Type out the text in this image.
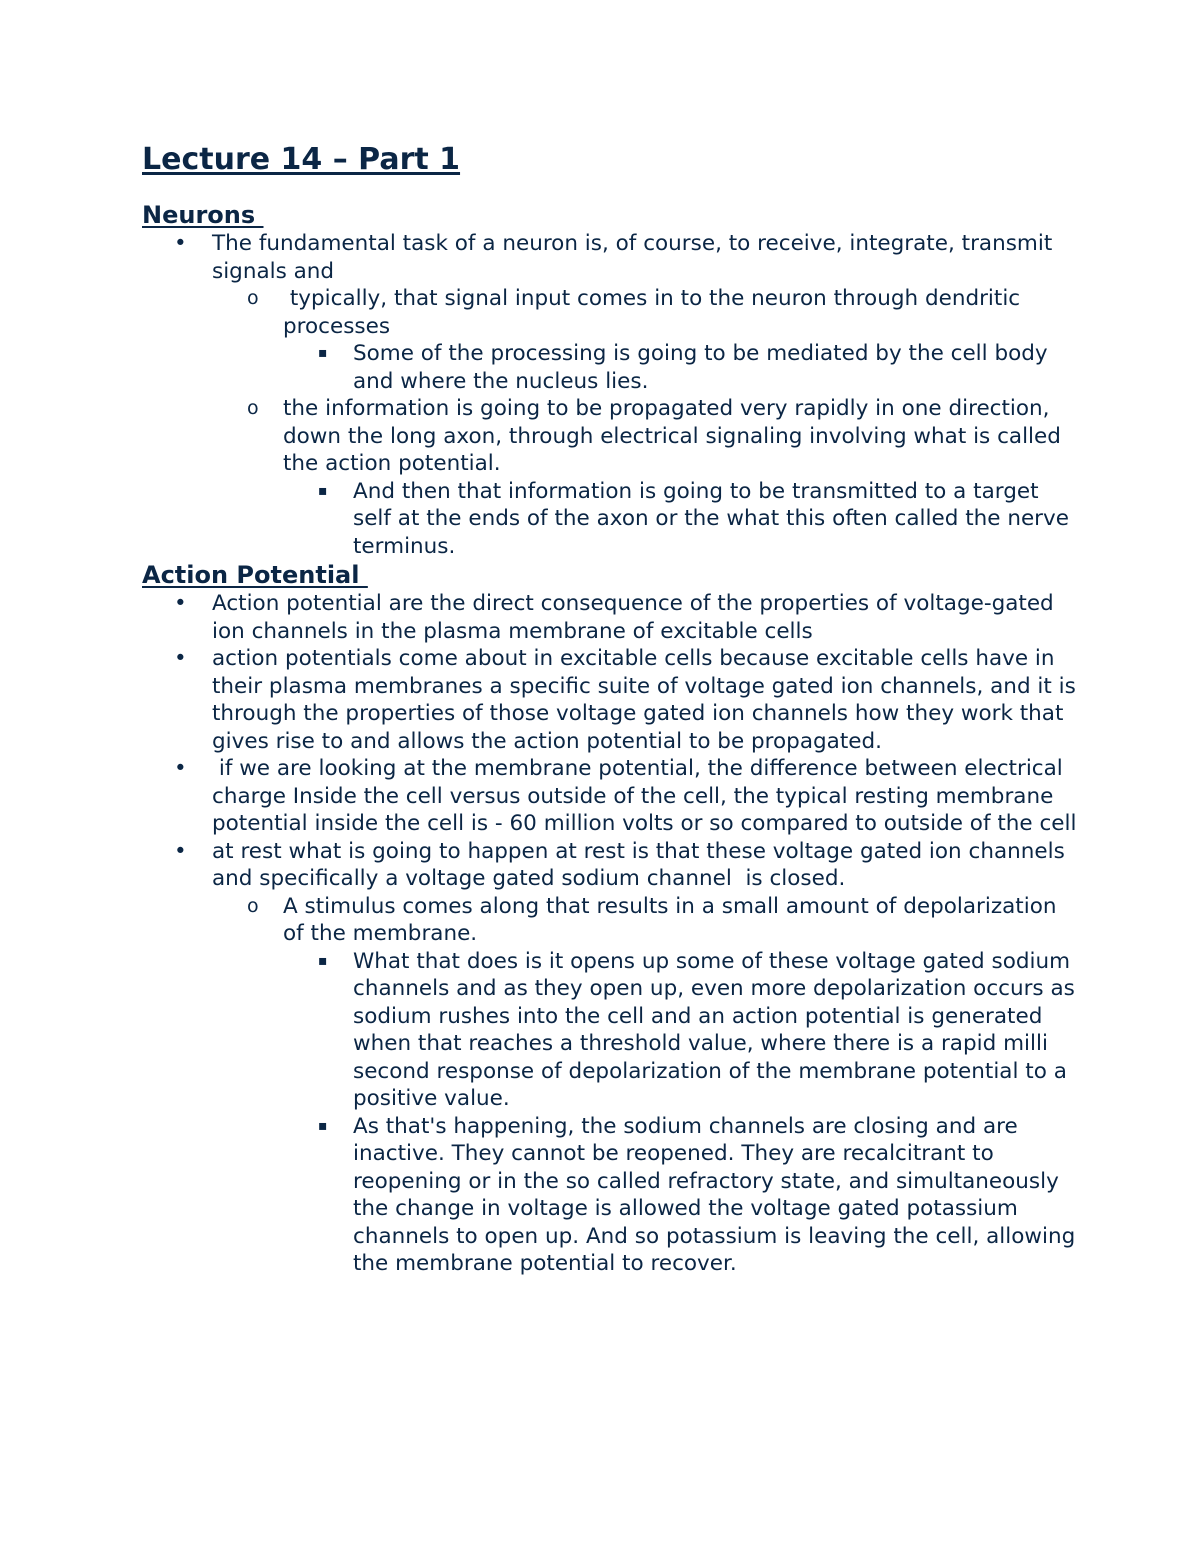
Lecture 14 – Part 1
Neurons
• The fundamental task of a neuron is, of course, to receive, integrate, transmit signals and
o typically, that signal input comes in to the neuron through dendritic processes
▪ Some of the processing is going to be mediated by the cell body and where the nucleus lies.
o the information is going to be propagated very rapidly in one direction, down the long axon, through electrical signaling involving what is called the action potential.
▪ And then that information is going to be transmitted to a target self at the ends of the axon or the what this often called the nerve terminus.
Action Potential
• Action potential are the direct consequence of the properties of voltage-gated ion channels in the plasma membrane of excitable cells
• action potentials come about in excitable cells because excitable cells have in their plasma membranes a specific suite of voltage gated ion channels, and it is through the properties of those voltage gated ion channels how they work that gives rise to and allows the action potential to be propagated.
• if we are looking at the membrane potential, the difference between electrical charge Inside the cell versus outside of the cell, the typical resting membrane potential inside the cell is - 60 million volts or so compared to outside of the cell
• at rest what is going to happen at rest is that these voltage gated ion channels and specifically a voltage gated sodium channel  is closed.
o A stimulus comes along that results in a small amount of depolarization of the membrane.
▪ What that does is it opens up some of these voltage gated sodium channels and as they open up, even more depolarization occurs as sodium rushes into the cell and an action potential is generated when that reaches a threshold value, where there is a rapid milli second response of depolarization of the membrane potential to a positive value.
▪ As that's happening, the sodium channels are closing and are inactive. They cannot be reopened. They are recalcitrant to reopening or in the so called refractory state, and simultaneously the change in voltage is allowed the voltage gated potassium channels to open up. And so potassium is leaving the cell, allowing the membrane potential to recover.
